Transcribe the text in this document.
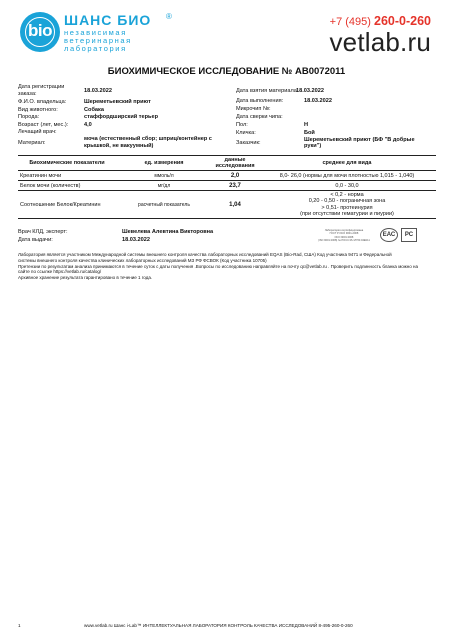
bio
ШАНС БИО ®
независимая
ветеринарная
лаборатория
+7 (495) 260-0-260
vetlab.ru
БИОХИМИЧЕСКОЕ ИССЛЕДОВАНИЕ № АВ0072011
Дата регистрации
заказа:	18.03.2022
Ф.И.О. владельца:	Шереметьевский приют
Вид животного:	Собака
Порода:	стаффордширский терьер
Возраст (лет, мес.):	4,0
Лечащий врач:
Материал:
моча (естественный сбор; шприц/контейнер с
крышкой, не вакуумный)
Дата взятия материала 18.03.2022
Дата выполнения:	18.03.2022
Микрочип №:
Дата сверки чипа:
Пол:	Н
Кличка:	Бой
Заказчик:
Шереметьевский приют (БФ "В добрые
руки")
Биохимические показатели	ед. измерения	данные исследования	среднее для вида
Креатинин мочи	ммоль/л	2,0	8,0- 26,0 (нормы для мочи плотностью 1,015 - 1,040)
Белок мочи (количеств)	мг/дл	23,7	0,0 - 30,0
Соотношение Белок/Креатинин	расчетный показатель	1,04	< 0,2 - норма
0,20 - 0,50 - пограничная зона
> 0,51- протеинурия
(при отсутствии гематурии и пиурии)
Врач КЛД, эксперт:	Шевелева Алевтина Викторовна
Дата выдачи:	18.03.2022
Лаборатория сертифицирована
ГОСТ Р ИСО 9001-2008
ИСО 9001:2008
(ISO 9001:2008) № РОСС RU.И763.04ЕК11
ЕАС	РС
Лаборатория является участником Международной системы внешнего контроля качества лабораторных исследований EQAS (Bio-Rad, США) Код участника 9471 и Федеральной
системы внешнего контроля качества клинических лабораторных исследований МЗ РФ ФСВОК (Код участника 10705)
Претензии по результатам анализа принимаются в течение суток с даты получения .Вопросы по исследованию направляйте на почту qc@vetlab.ru . Проверить подлинность бланка можно на
сайте по ссылке https://vetlab.ru/catalog/
Архивное хранение результата гарантировано в течение 1 года.
1	www.vetlab.ru Шанс i-Lab™ ИНТЕЛЛЕКТУАЛЬНАЯ ЛАБОРАТОРИЯ КОНТРОЛЬ КАЧЕСТВА ИССЛЕДОВАНИЙ 8-495-260-0-260
